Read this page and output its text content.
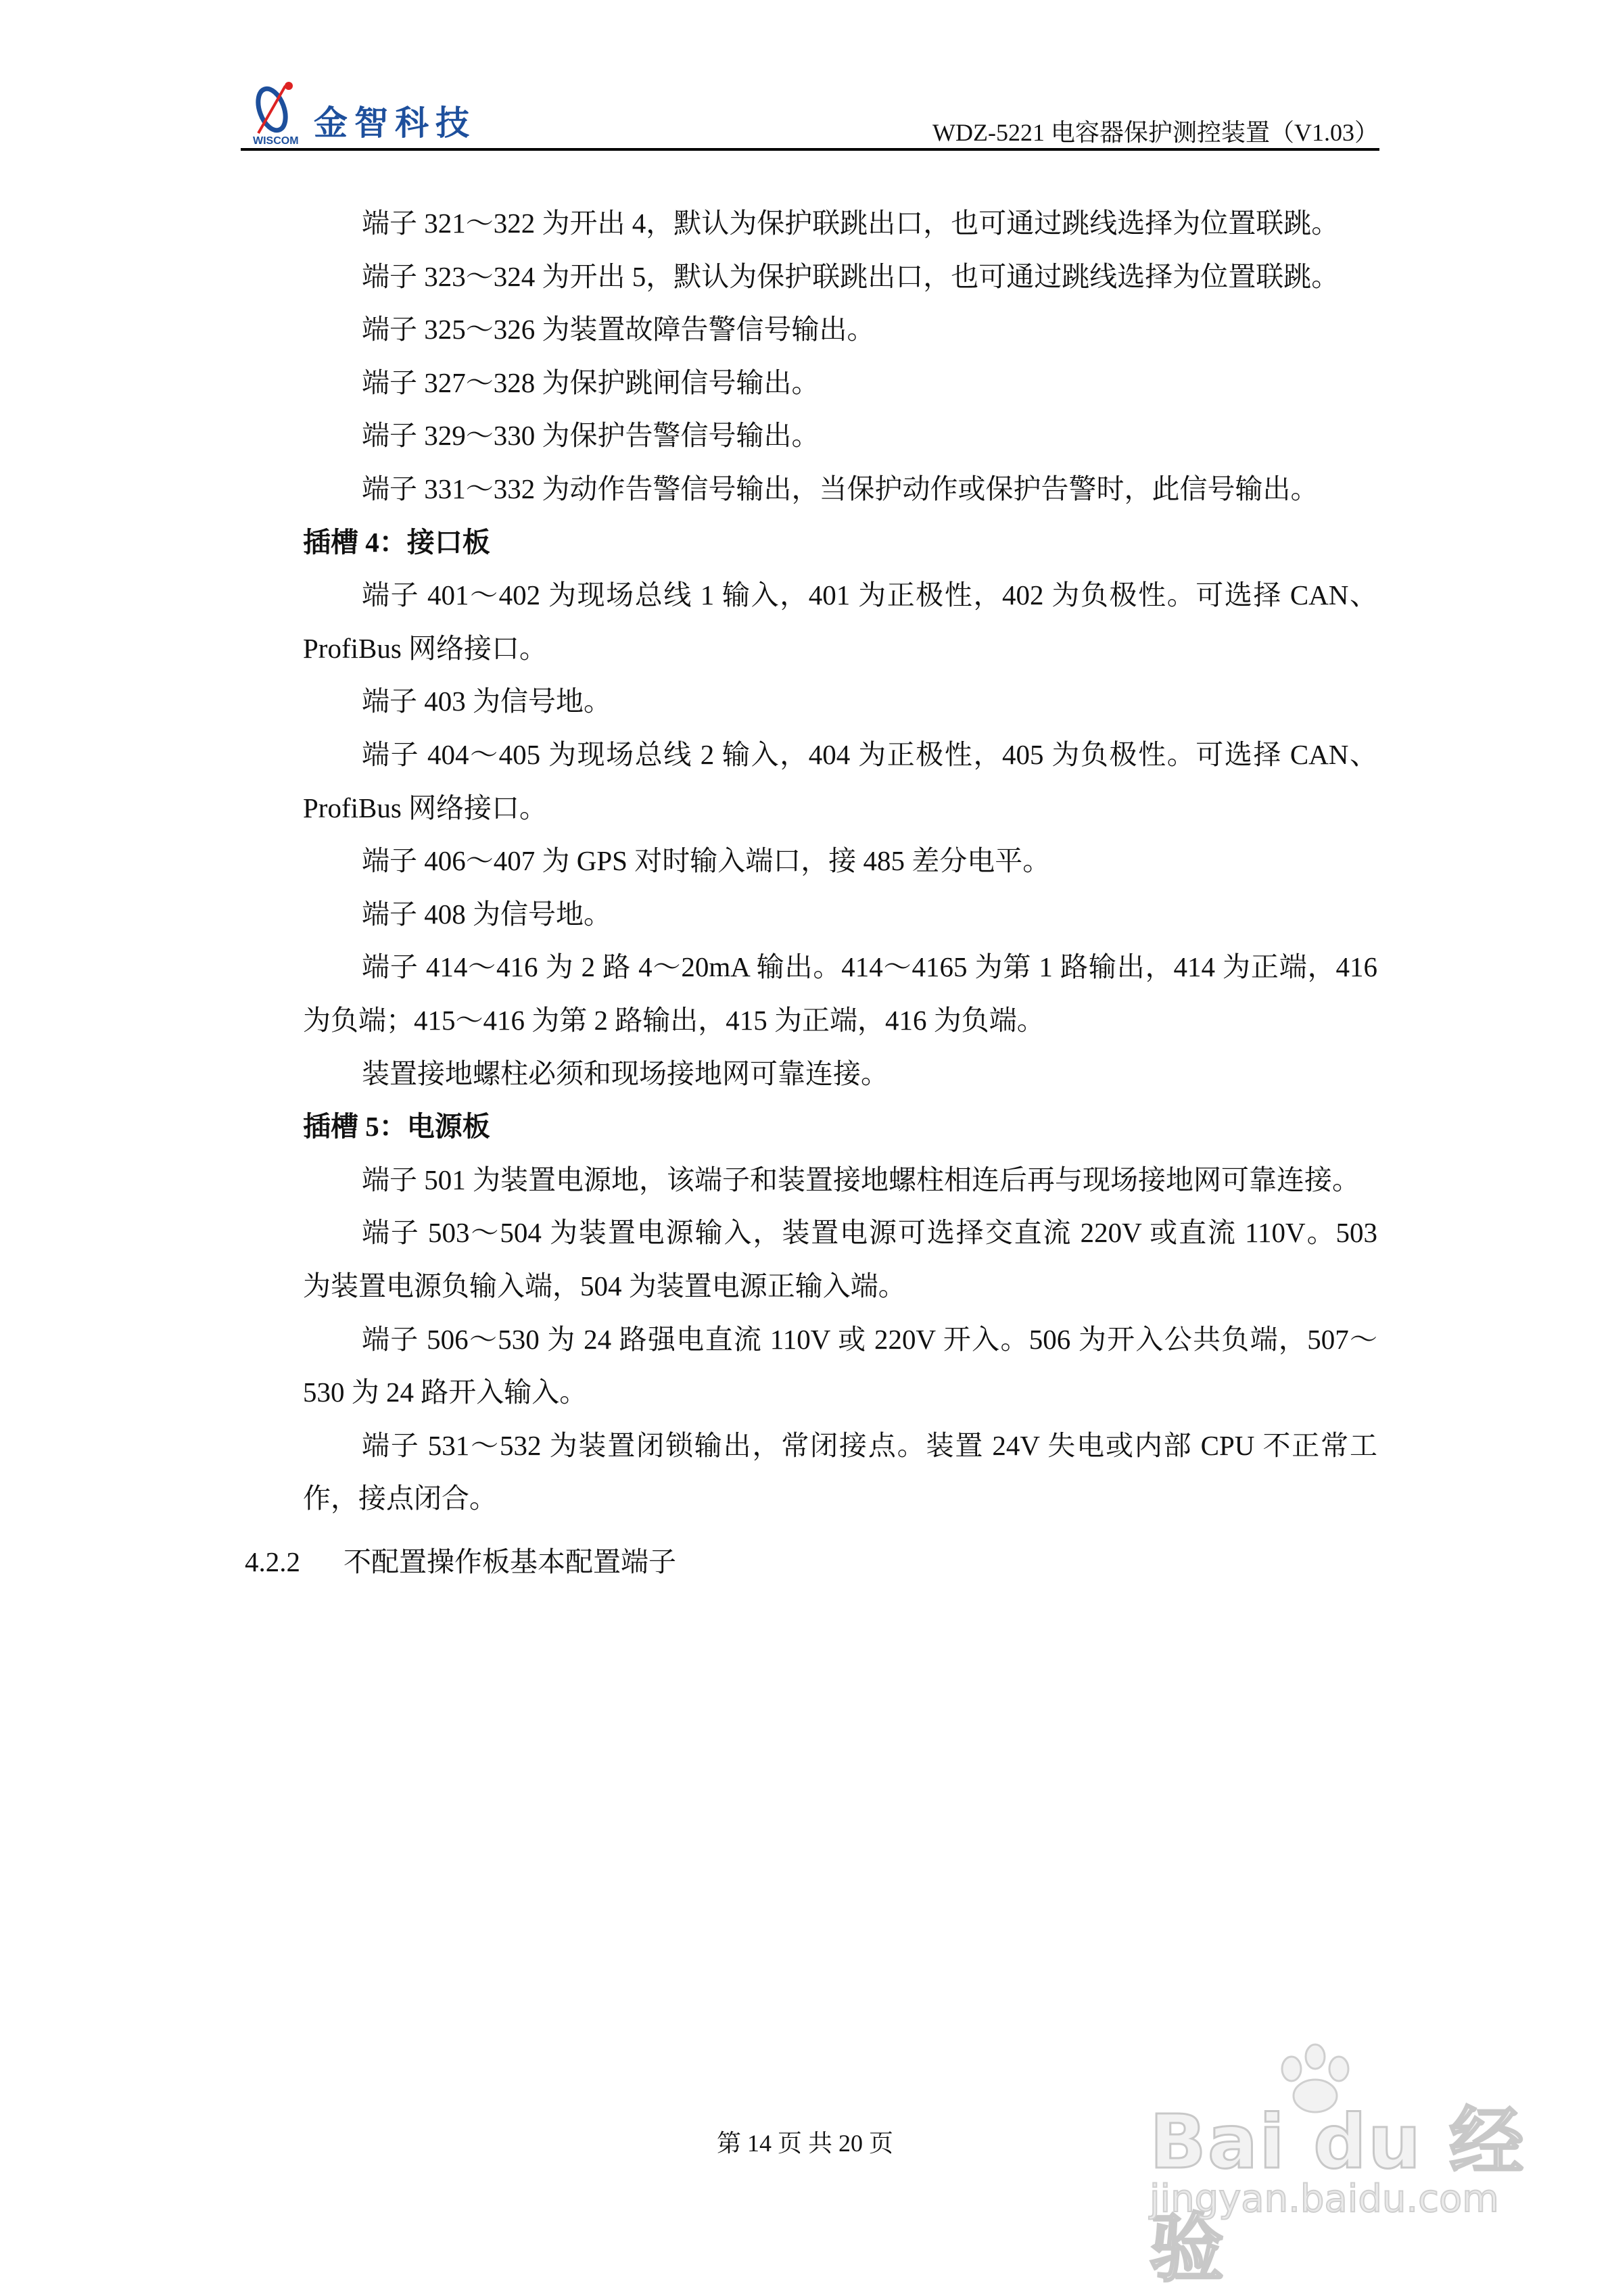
金智科技
WISCOM	WDZ-5221 电容器保护测控装置（V1.03）
端子 321～322 为开出 4，默认为保护联跳出口，也可通过跳线选择为位置联跳。
端子 323～324 为开出 5，默认为保护联跳出口，也可通过跳线选择为位置联跳。
端子 325～326 为装置故障告警信号输出。
端子 327～328 为保护跳闸信号输出。
端子 329～330 为保护告警信号输出。
端子 331～332 为动作告警信号输出，当保护动作或保护告警时，此信号输出。
插槽 4：接口板
端子 401～402 为现场总线 1 输入，401 为正极性，402 为负极性。可选择 CAN、
ProfiBus 网络接口。
端子 403 为信号地。
端子 404～405 为现场总线 2 输入，404 为正极性，405 为负极性。可选择 CAN、
ProfiBus 网络接口。
端子 406～407 为 GPS 对时输入端口，接 485 差分电平。
端子 408 为信号地。
端子 414～416 为 2 路 4～20mA 输出。414～4165 为第 1 路输出，414 为正端，416
为负端；415～416 为第 2 路输出，415 为正端，416 为负端。
装置接地螺柱必须和现场接地网可靠连接。
插槽 5：电源板
端子 501 为装置电源地，该端子和装置接地螺柱相连后再与现场接地网可靠连接。
端子 503～504 为装置电源输入，装置电源可选择交直流 220V 或直流 110V。503
为装置电源负输入端，504 为装置电源正输入端。
端子 506～530 为 24 路强电直流 110V 或 220V 开入。506 为开入公共负端，507～
530 为 24 路开入输入。
端子 531～532 为装置闭锁输出，常闭接点。装置 24V 失电或内部 CPU 不正常工
作，接点闭合。
4.2.2 不配置操作板基本配置端子
第 14 页 共 20 页	Bai du 经验
jingyan.baidu.com
